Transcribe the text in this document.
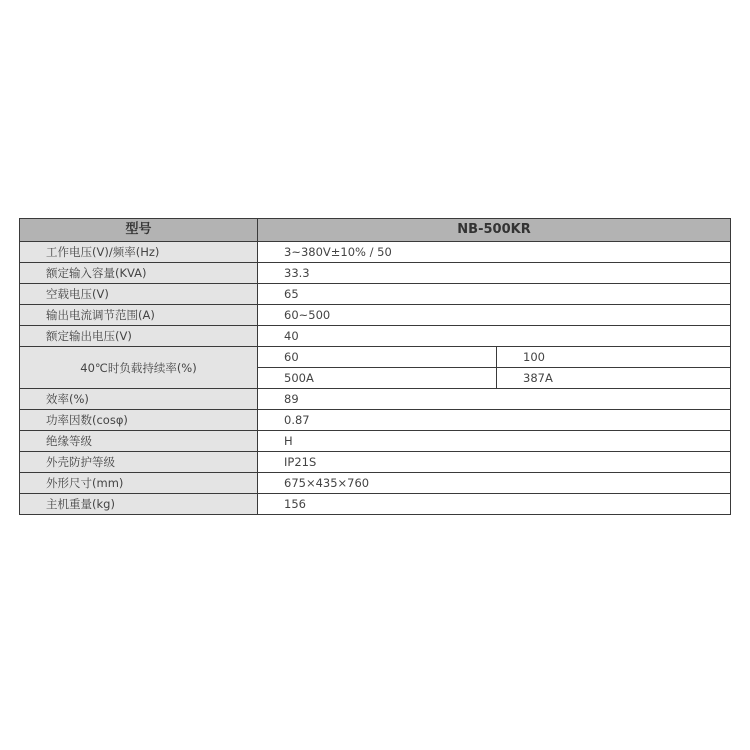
型号	NB-500KR	
工作电压(V)/频率(Hz)	3~380V±10% / 50	
额定输入容量(KVA)	33.3	
空载电压(V)	65	
输出电流调节范围(A)	60~500	
额定输出电压(V)	40	
40℃时负载持续率(%)	60	100
	500A	387A
效率(%)	89	
功率因数(cosφ)	0.87	
绝缘等级	H	
外壳防护等级	IP21S	
外形尺寸(mm)	675×435×760	
主机重量(kg)	156	
